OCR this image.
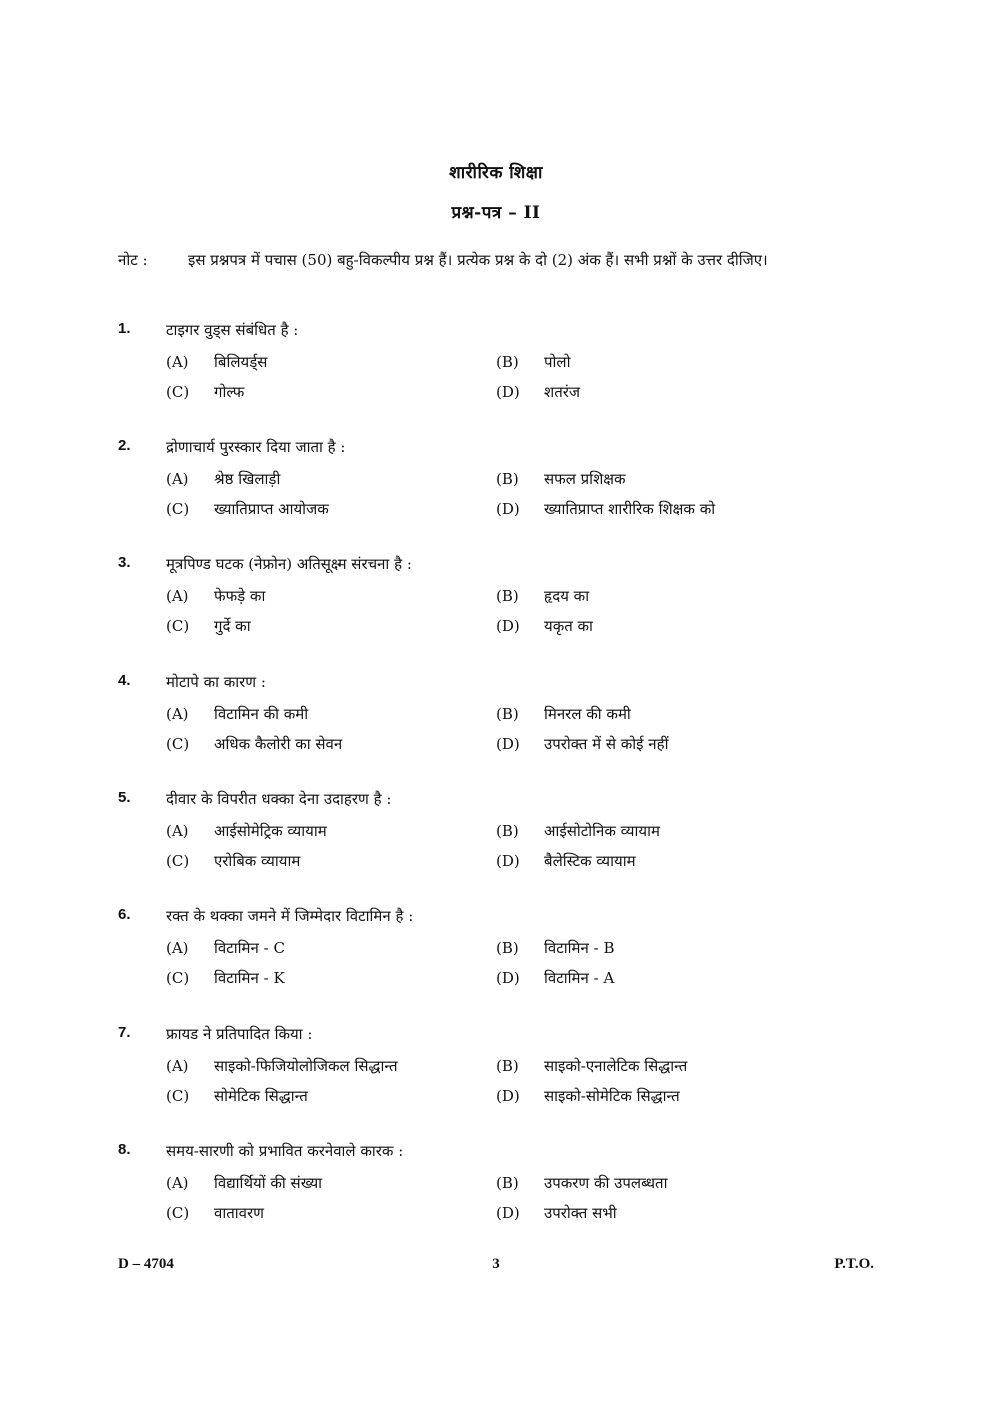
शारीरिक शिक्षा
प्रश्न-पत्र – II
नोट :	इस प्रश्नपत्र में पचास (50) बहु-विकल्पीय प्रश्न हैं। प्रत्येक प्रश्न के दो (2) अंक हैं। सभी प्रश्नों के उत्तर दीजिए।
1. टाइगर वुड्स संबंधित है :
(A) बिलियर्ड्स	(B) पोलो
(C) गोल्फ	(D) शतरंज
2. द्रोणाचार्य पुरस्कार दिया जाता है :
(A) श्रेष्ठ खिलाड़ी	(B) सफल प्रशिक्षक
(C) ख्यातिप्राप्त आयोजक	(D) ख्यातिप्राप्त शारीरिक शिक्षक को
3. मूत्रपिण्ड घटक (नेफ्रोन) अतिसूक्ष्म संरचना है :
(A) फेफड़े का	(B) हृदय का
(C) गुर्दे का	(D) यकृत का
4. मोटापे का कारण :
(A) विटामिन की कमी	(B) मिनरल की कमी
(C) अधिक कैलोरी का सेवन	(D) उपरोक्त में से कोई नहीं
5. दीवार के विपरीत धक्का देना उदाहरण है :
(A) आईसोमेट्रिक व्यायाम	(B) आईसोटोनिक व्यायाम
(C) एरोबिक व्यायाम	(D) बैलेस्टिक व्यायाम
6. रक्त के थक्का जमने में जिम्मेदार विटामिन है :
(A) विटामिन - C	(B) विटामिन - B
(C) विटामिन - K	(D) विटामिन - A
7. फ्रायड ने प्रतिपादित किया :
(A) साइको-फिजियोलोजिकल सिद्धान्त	(B) साइको-एनालेटिक सिद्धान्त
(C) सोमेटिक सिद्धान्त	(D) साइको-सोमेटिक सिद्धान्त
8. समय-सारणी को प्रभावित करनेवाले कारक :
(A) विद्यार्थियों की संख्या	(B) उपकरण की उपलब्धता
(C) वातावरण	(D) उपरोक्त सभी
D – 4704	3	P.T.O.
